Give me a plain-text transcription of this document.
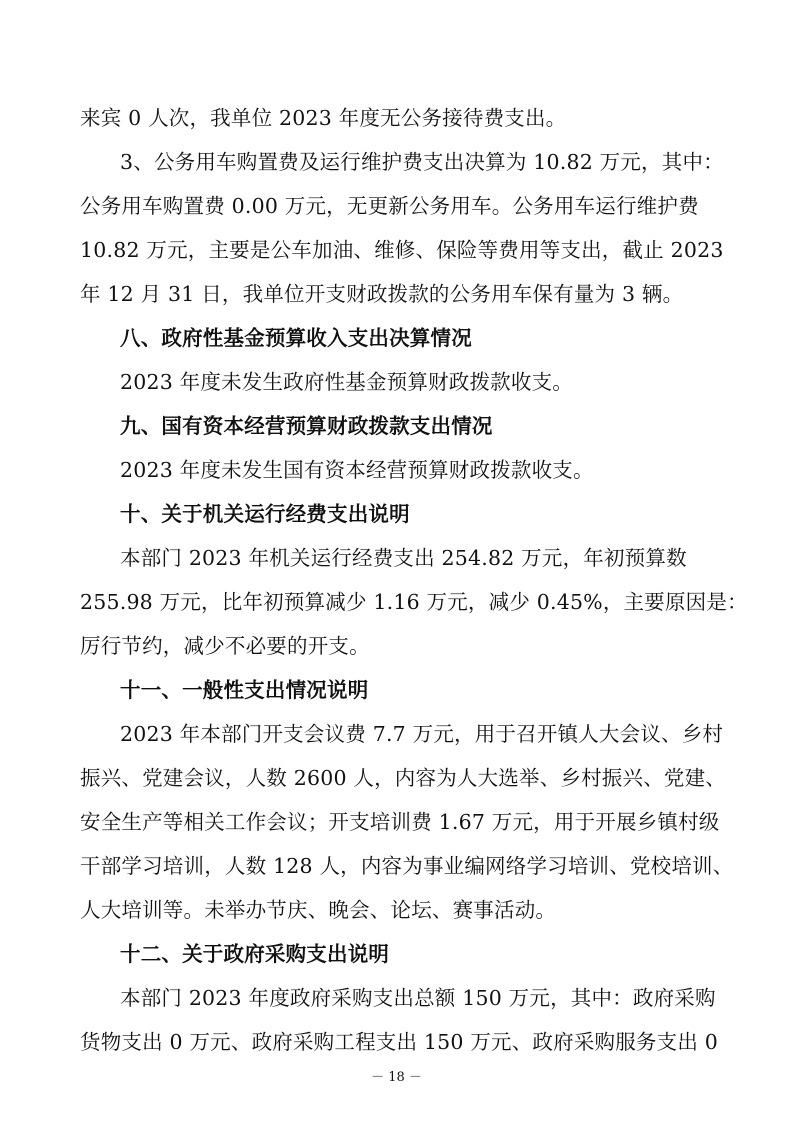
来宾 0 人次，我单位 2023 年度无公务接待费支出。
3、公务用车购置费及运行维护费支出决算为 10.82 万元，其中：
公务用车购置费 0.00 万元，无更新公务用车。公务用车运行维护费
10.82 万元，主要是公车加油、维修、保险等费用等支出，截止 2023
年 12 月 31 日，我单位开支财政拨款的公务用车保有量为 3 辆。
八、政府性基金预算收入支出决算情况
2023 年度未发生政府性基金预算财政拨款收支。
九、国有资本经营预算财政拨款支出情况
2023 年度未发生国有资本经营预算财政拨款收支。
十、关于机关运行经费支出说明
本部门 2023 年机关运行经费支出 254.82 万元，年初预算数
255.98 万元，比年初预算减少 1.16 万元，减少 0.45%，主要原因是：
厉行节约，减少不必要的开支。
十一、一般性支出情况说明
2023 年本部门开支会议费 7.7 万元，用于召开镇人大会议、乡村
振兴、党建会议，人数 2600 人，内容为人大选举、乡村振兴、党建、
安全生产等相关工作会议；开支培训费 1.67 万元，用于开展乡镇村级
干部学习培训，人数 128 人，内容为事业编网络学习培训、党校培训、
人大培训等。未举办节庆、晚会、论坛、赛事活动。
十二、关于政府采购支出说明
本部门 2023 年度政府采购支出总额 150 万元，其中：政府采购
货物支出 0 万元、政府采购工程支出 150 万元、政府采购服务支出 0
－ 18 －
